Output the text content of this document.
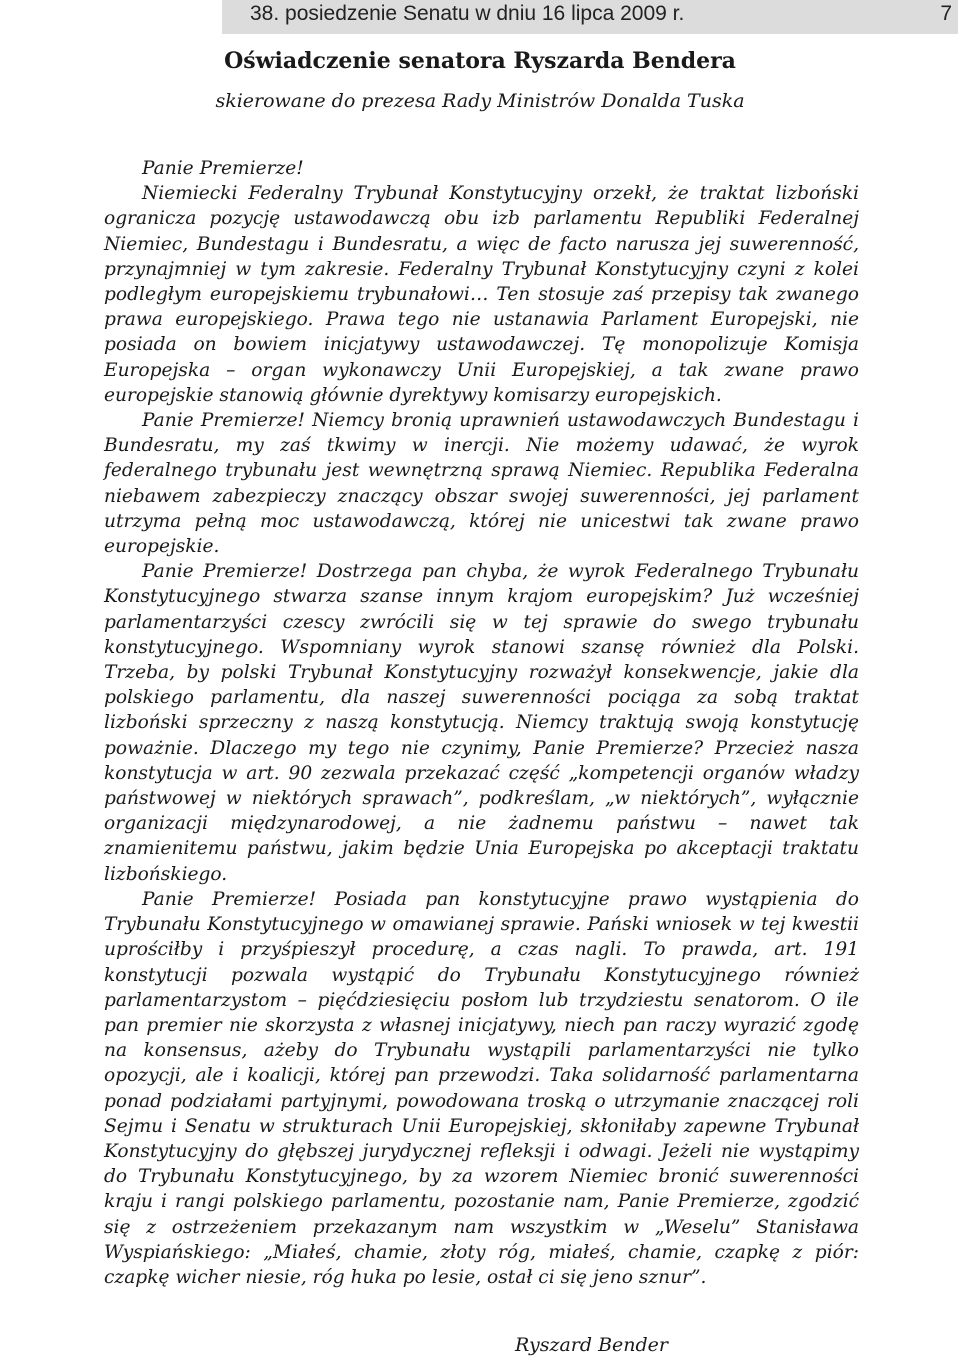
38. posiedzenie Senatu w dniu 16 lipca 2009 r.	7
Oświadczenie senatora Ryszarda Bendera
skierowane do prezesa Rady Ministrów Donalda Tuska

Panie Premierze!

Niemiecki Federalny Trybunał Konstytucyjny orzekł, że traktat lizboński ogranicza pozycję ustawodawczą obu izb parlamentu Republiki Federalnej Niemiec, Bundestagu i Bundesratu, a więc de facto narusza jej suwerenność, przynajmniej w tym zakresie. Federalny Trybunał Konstytucyjny czyni z kolei podległym europejskiemu trybunałowi… Ten stosuje zaś przepisy tak zwanego prawa europejskiego. Prawa tego nie ustanawia Parlament Europejski, nie posiada on bowiem inicjatywy ustawodawczej. Tę monopolizuje Komisja Europejska – organ wykonawczy Unii Europejskiej, a tak zwane prawo europejskie stanowią głównie dyrektywy komisarzy europejskich.

Panie Premierze! Niemcy bronią uprawnień ustawodawczych Bundestagu i Bundesratu, my zaś tkwimy w inercji. Nie możemy udawać, że wyrok federalnego trybunału jest wewnętrzną sprawą Niemiec. Republika Federalna niebawem zabezpieczy znaczący obszar swojej suwerenności, jej parlament utrzyma pełną moc ustawodawczą, której nie unicestwi tak zwane prawo europejskie.

Panie Premierze! Dostrzega pan chyba, że wyrok Federalnego Trybunału Konstytucyjnego stwarza szanse innym krajom europejskim? Już wcześniej parlamentarzyści czescy zwrócili się w tej sprawie do swego trybunału konstytucyjnego. Wspomniany wyrok stanowi szansę również dla Polski. Trzeba, by polski Trybunał Konstytucyjny rozważył konsekwencje, jakie dla polskiego parlamentu, dla naszej suwerenności pociąga za sobą traktat lizboński sprzeczny z naszą konstytucją. Niemcy traktują swoją konstytucję poważnie. Dlaczego my tego nie czynimy, Panie Premierze? Przecież nasza konstytucja w art. 90 zezwala przekazać część „kompetencji organów władzy państwowej w niektórych sprawach”, podkreślam, „w niektórych”, wyłącznie organizacji międzynarodowej, a nie żadnemu państwu – nawet tak znamienitemu państwu, jakim będzie Unia Europejska po akceptacji traktatu lizbońskiego.

Panie Premierze! Posiada pan konstytucyjne prawo wystąpienia do Trybunału Konstytucyjnego w omawianej sprawie. Pański wniosek w tej kwestii uprościłby i przyśpieszył procedurę, a czas nagli. To prawda, art. 191 konstytucji pozwala wystąpić do Trybunału Konstytucyjnego również parlamentarzystom – pięćdziesięciu posłom lub trzydziestu senatorom. O ile pan premier nie skorzysta z własnej inicjatywy, niech pan raczy wyrazić zgodę na konsensus, ażeby do Trybunału wystąpili parlamentarzyści nie tylko opozycji, ale i koalicji, której pan przewodzi. Taka solidarność parlamentarna ponad podziałami partyjnymi, powodowana troską o utrzymanie znaczącej roli Sejmu i Senatu w strukturach Unii Europejskiej, skłoniłaby zapewne Trybunał Konstytucyjny do głębszej jurydycznej refleksji i odwagi. Jeżeli nie wystąpimy do Trybunału Konstytucyjnego, by za wzorem Niemiec bronić suwerenności kraju i rangi polskiego parlamentu, pozostanie nam, Panie Premierze, zgodzić się z ostrzeżeniem przekazanym nam wszystkim w „Weselu” Stanisława Wyspiańskiego: „Miałeś, chamie, złoty róg, miałeś, chamie, czapkę z piór: czapkę wicher niesie, róg huka po lesie, ostał ci się jeno sznur”.

Ryszard Bender
